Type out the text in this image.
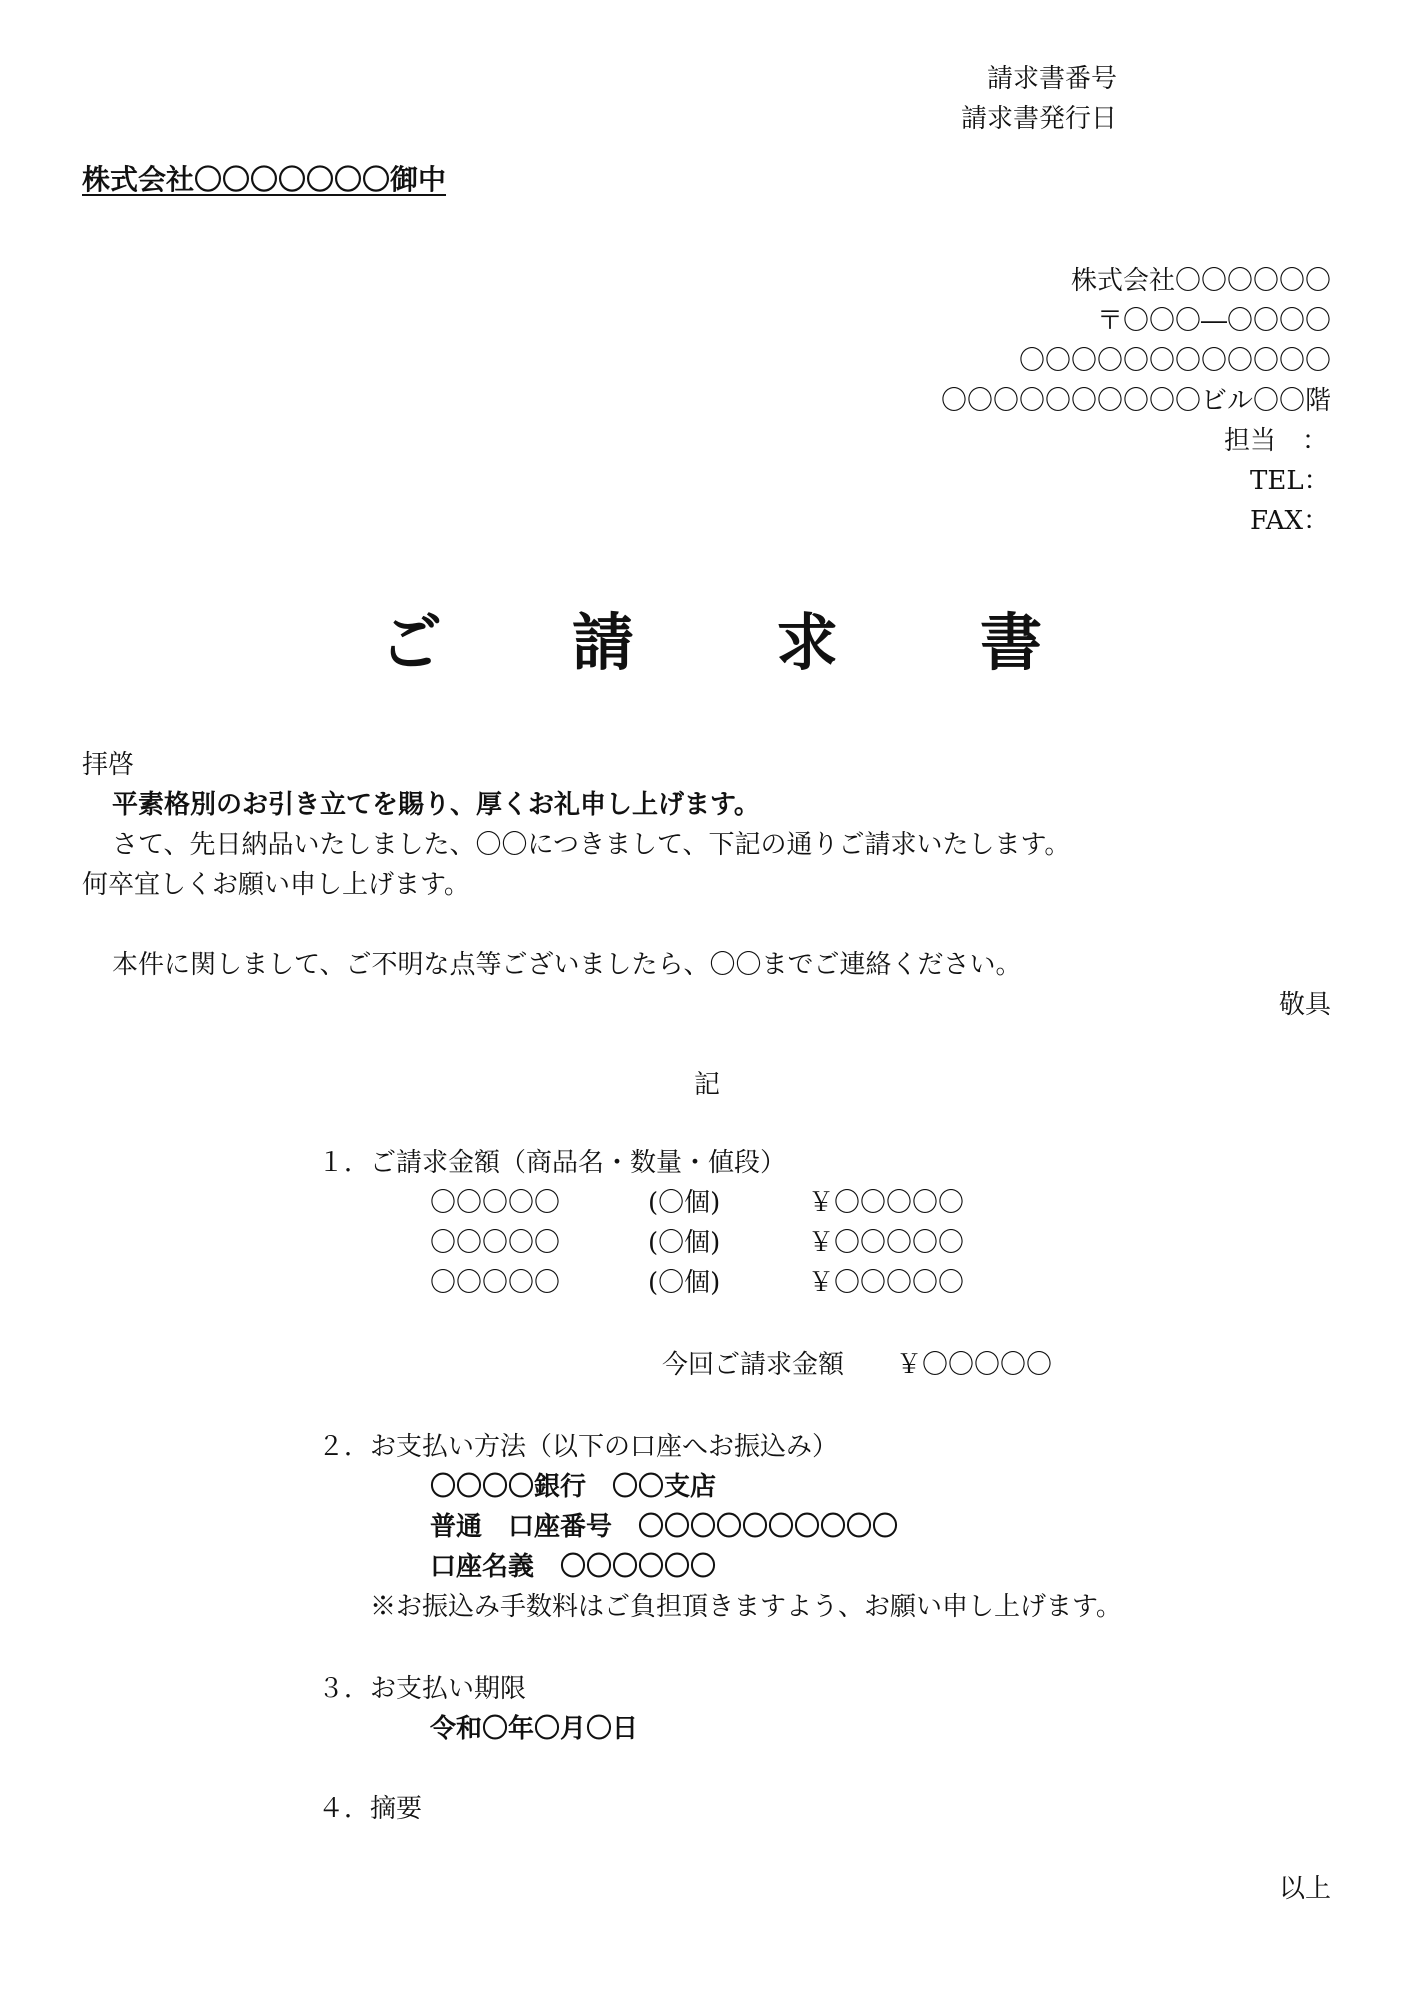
請求書番号
請求書発行日
株式会社〇〇〇〇〇〇〇御中
株式会社〇〇〇〇〇〇
〒〇〇〇―〇〇〇〇
〇〇〇〇〇〇〇〇〇〇〇〇
〇〇〇〇〇〇〇〇〇〇ビル〇〇階
担当　：
TEL：
FAX：
ご 請 求 書
拝啓
平素格別のお引き立てを賜り、厚くお礼申し上げます。
さて、先日納品いたしました、〇〇につきまして、下記の通りご請求いたします。
何卒宜しくお願い申し上げます。
本件に関しまして、ご不明な点等ございましたら、〇〇までご連絡ください。
敬具
記
１．ご請求金額（商品名・数量・値段）
〇〇〇〇〇	(〇個)	￥〇〇〇〇〇
〇〇〇〇〇	(〇個)	￥〇〇〇〇〇
〇〇〇〇〇	(〇個)	￥〇〇〇〇〇
今回ご請求金額 ￥〇〇〇〇〇
２．お支払い方法（以下の口座へお振込み）
〇〇〇〇銀行　〇〇支店
普通　口座番号　〇〇〇〇〇〇〇〇〇〇
口座名義　〇〇〇〇〇〇
※お振込み手数料はご負担頂きますよう、お願い申し上げます。
３．お支払い期限
令和〇年〇月〇日
４．摘要
以上
